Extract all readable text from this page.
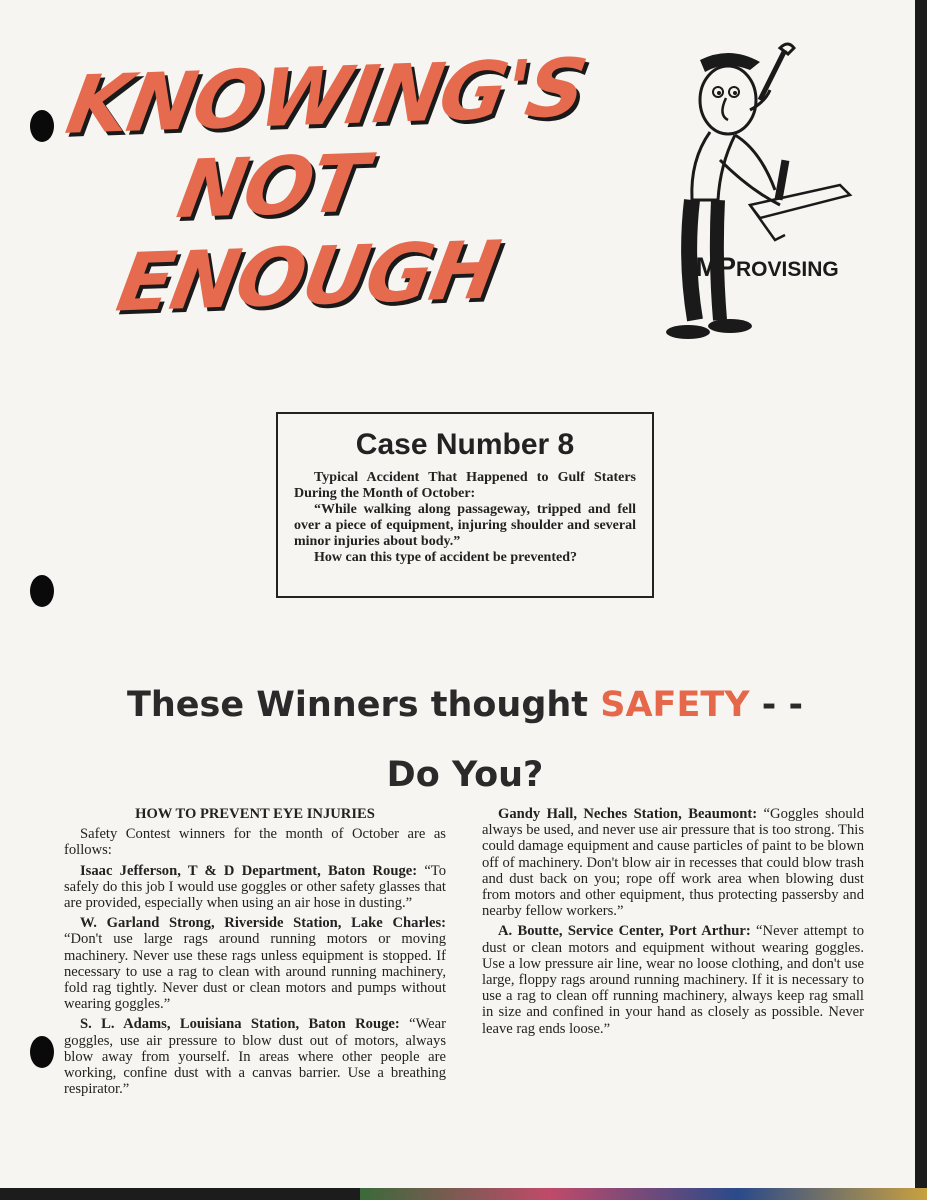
KNOWING'S
NOT
ENOUGH	IMPROVISING
Case Number 8

Typical Accident That Happened to Gulf Staters During the Month of October:

“While walking along passageway, tripped and fell over a piece of equipment, injuring shoulder and several minor injuries about body.”

How can this type of accident be prevented?

These Winners thought SAFETY - -
Do You?

HOW TO PREVENT EYE INJURIES

Safety Contest winners for the month of October are as follows:

Isaac Jefferson, T & D Department, Baton Rouge: “To safely do this job I would use goggles or other safety glasses that are provided, especially when using an air hose in dusting.”

W. Garland Strong, Riverside Station, Lake Charles: “Don't use large rags around running motors or moving machinery. Never use these rags unless equipment is stopped. If necessary to use a rag to clean with around running machinery, fold rag tightly. Never dust or clean motors and pumps without wearing goggles.”

S. L. Adams, Louisiana Station, Baton Rouge: “Wear goggles, use air pressure to blow dust out of motors, always blow away from yourself. In areas where other people are working, confine dust with a canvas barrier. Use a breathing respirator.”

Gandy Hall, Neches Station, Beaumont: “Goggles should always be used, and never use air pressure that is too strong. This could damage equipment and cause particles of paint to be blown off of machinery. Don't blow air in recesses that could blow trash and dust back on you; rope off work area when blowing dust from motors and other equipment, thus protecting passersby and nearby fellow workers.”

A. Boutte, Service Center, Port Arthur: “Never attempt to dust or clean motors and equipment without wearing goggles. Use a low pressure air line, wear no loose clothing, and don't use large, floppy rags around running machinery. If it is necessary to use a rag to clean off running machinery, always keep rag small in size and confined in your hand as closely as possible. Never leave rag ends loose.”
